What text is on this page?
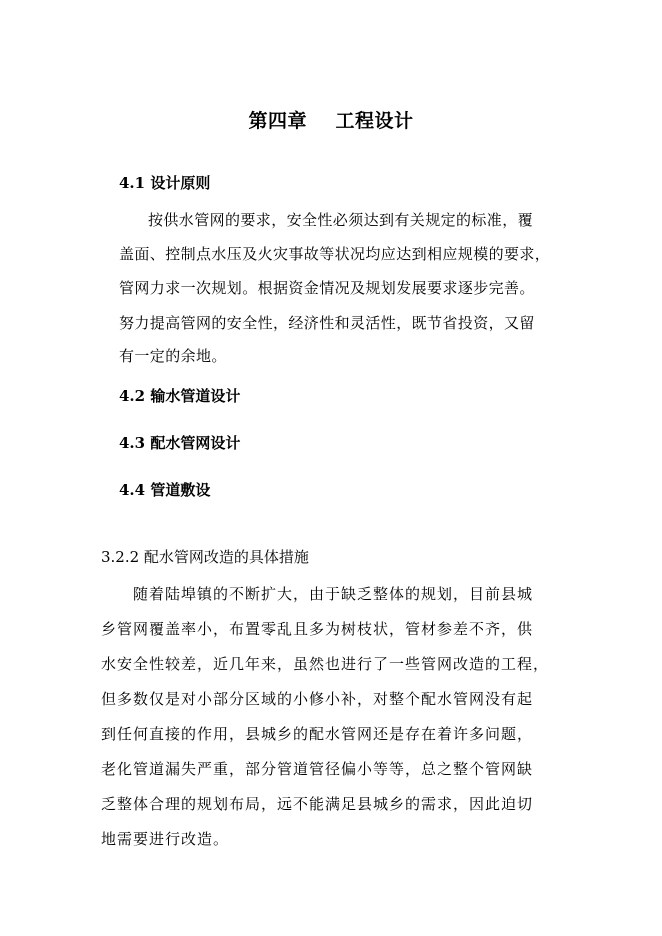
第四章    工程设计
4.1 设计原则
按供水管网的要求，安全性必须达到有关规定的标准，覆
盖面、控制点水压及火灾事故等状况均应达到相应规模的要求，
管网力求一次规划。根据资金情况及规划发展要求逐步完善。
努力提高管网的安全性，经济性和灵活性，既节省投资，又留
有一定的余地。
4.2 输水管道设计
4.3 配水管网设计
4.4 管道敷设
3.2.2 配水管网改造的具体措施
随着陆埠镇的不断扩大，由于缺乏整体的规划，目前县城
乡管网覆盖率小，布置零乱且多为树枝状，管材参差不齐，供
水安全性较差，近几年来，虽然也进行了一些管网改造的工程，
但多数仅是对小部分区域的小修小补，对整个配水管网没有起
到任何直接的作用，县城乡的配水管网还是存在着许多问题，
老化管道漏失严重，部分管道管径偏小等等，总之整个管网缺
乏整体合理的规划布局，远不能满足县城乡的需求，因此迫切
地需要进行改造。
